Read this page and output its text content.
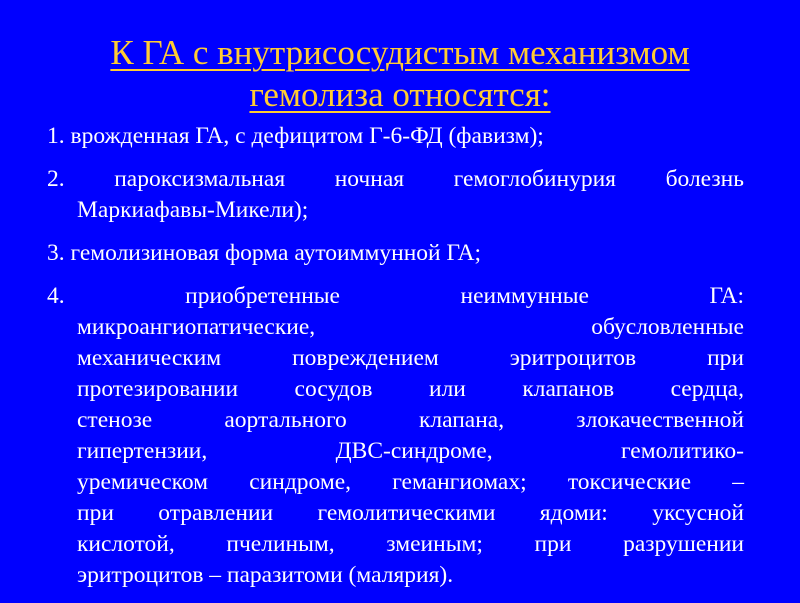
К ГА с внутрисосудистым механизмом
гемолиза относятся:
1. врожденная ГА, с дефицитом Г-6-ФД (фавизм);
2. пароксизмальная ночная гемоглобинурия болезнь
Маркиафавы-Микели);
3. гемолизиновая форма аутоиммунной ГА;
4.	приобретенные	неиммунные	ГА:
микроангиопатические,	обусловленные
механическим	повреждением	эритроцитов	при
протезировании сосудов или клапанов сердца,
стенозе	аортального	клапана,	злокачественной
гипертензии,	ДВС-синдроме,	гемолитико-
уремическом синдроме, гемангиомах; токсические –
при отравлении гемолитическими ядоми: уксусной
кислотой, пчелиным, змеиным; при разрушении
эритроцитов – паразитоми (малярия).
